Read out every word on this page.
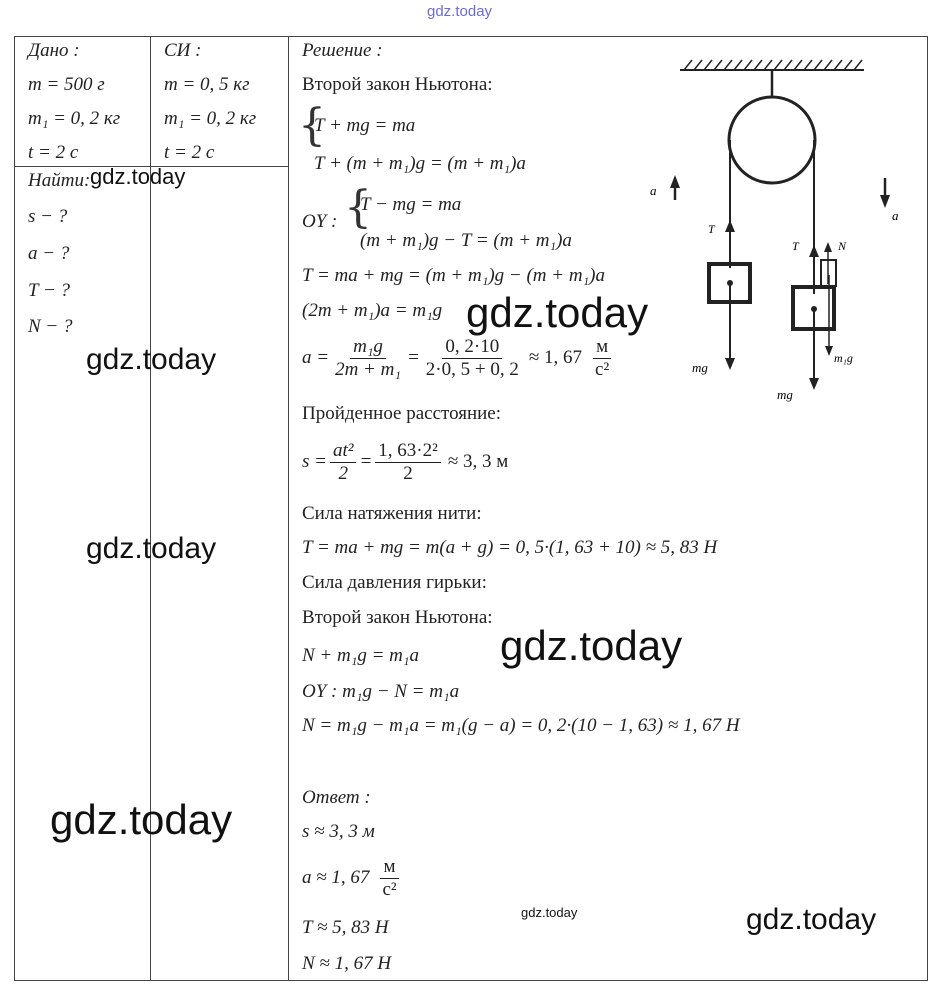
gdz.today
Дано :
m = 500 г
m₁ = 0, 2 кг
t = 2 с
СИ :
m = 0, 5 кг
m₁ = 0, 2 кг
t = 2 с
Найти:
s − ?
a − ?
T − ?
N − ?
Решение :
Второй закон Ньютона:
{
T + mg = ma
T + (m + m₁)g = (m + m₁)a
OY : {
T − mg = ma
(m + m₁)g − T = (m + m₁)a
T = ma + mg = (m + m₁)g − (m + m₁)a
(2m + m₁)a = m₁g
$a = \frac{\text{m₁g}}{\text{2m + m₁}} = \frac{0, 2\cdot 10}{2\cdot 0, 5 + 0, 2} \approx 1$, $67 \frac{м}{\text{с²}}$
Пройденное расстояние:
$s = \frac{\text{at²}}{2} = \frac{\text{1, 63·2²}}{2} \approx 3$, 3 м
Сила натяжения нити:
T = ma + mg = m(a + g) = 0, 5·(1, 63 + 10) ≈ 5, 83 Н
Сила давления гирьки:
Второй закон Ньютона:
N + m₁g = m₁a
OY : m₁g − N = m₁a
N = m₁g − m₁a = m₁(g − a) = 0, 2·(10 − 1, 63) ≈ 1, 67 Н
Ответ :
s ≈ 3, 3 м
a ≈ 1, $67 \frac{м}{\text{с²}}$
T ≈ 5, 83 Н
N ≈ 1, 67 Н
T
mg
a
a
T	N
m₁g
mg
gdz.today
gdz.today
gdz.today
gdz.today
gdz.today
gdz.today
gdz.today	gdz.today
